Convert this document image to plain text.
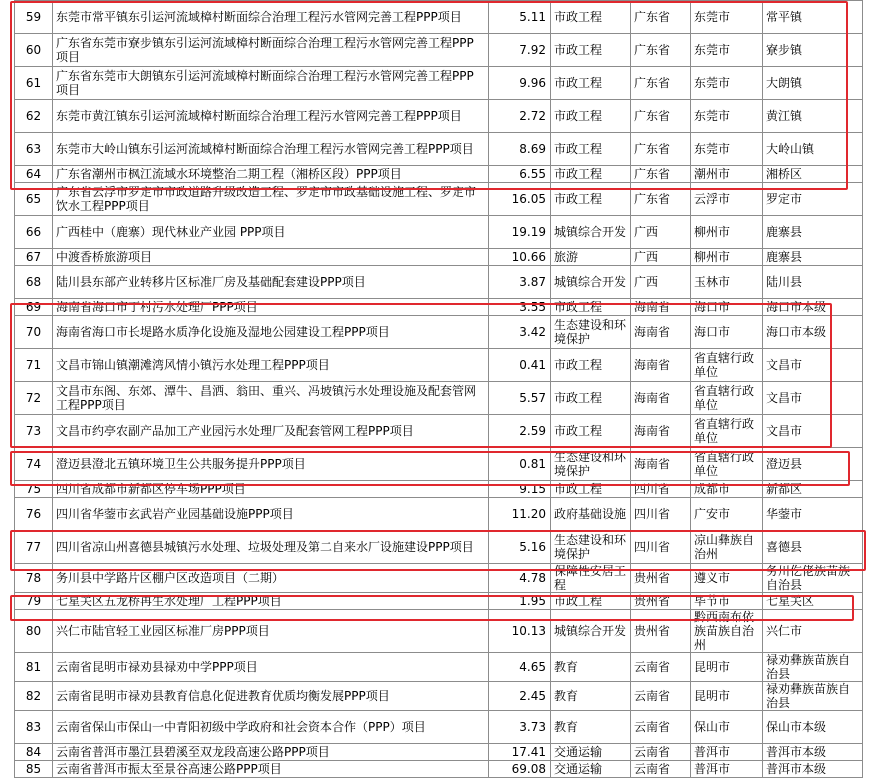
59	东莞市常平镇东引运河流域樟村断面综合治理工程污水管网完善工程PPP项目	5.11	市政工程	广东省	东莞市	常平镇
60	广东省东莞市寮步镇东引运河流域樟村断面综合治理工程污水管网完善工程PPP项目	7.92	市政工程	广东省	东莞市	寮步镇
61	广东省东莞市大朗镇东引运河流域樟村断面综合治理工程污水管网完善工程PPP项目	9.96	市政工程	广东省	东莞市	大朗镇
62	东莞市黄江镇东引运河流域樟村断面综合治理工程污水管网完善工程PPP项目	2.72	市政工程	广东省	东莞市	黄江镇
63	东莞市大岭山镇东引运河流域樟村断面综合治理工程污水管网完善工程PPP项目	8.69	市政工程	广东省	东莞市	大岭山镇
64	广东省潮州市枫江流域水环境整治二期工程（湘桥区段）PPP项目	6.55	市政工程	广东省	潮州市	湘桥区
65	广东省云浮市罗定市市政道路升级改造工程、罗定市市政基础设施工程、罗定市饮水工程PPP项目	16.05	市政工程	广东省	云浮市	罗定市
66	广西桂中（鹿寨）现代林业产业园 PPP项目	19.19	城镇综合开发	广西	柳州市	鹿寨县
67	中渡香桥旅游项目	10.66	旅游	广西	柳州市	鹿寨县
68	陆川县东部产业转移片区标准厂房及基础配套建设PPP项目	3.87	城镇综合开发	广西	玉林市	陆川县
69	海南省海口市丁村污水处理厂PPP项目	3.55	市政工程	海南省	海口市	海口市本级
70	海南省海口市长堤路水质净化设施及湿地公园建设工程PPP项目	3.42	生态建设和环境保护	海南省	海口市	海口市本级
71	文昌市锦山镇潮滩湾风情小镇污水处理工程PPP项目	0.41	市政工程	海南省	省直辖行政单位	文昌市
72	文昌市东阁、东郊、潭牛、昌洒、翁田、重兴、冯坡镇污水处理设施及配套管网工程PPP项目	5.57	市政工程	海南省	省直辖行政单位	文昌市
73	文昌市约亭农副产品加工产业园污水处理厂及配套管网工程PPP项目	2.59	市政工程	海南省	省直辖行政单位	文昌市
74	澄迈县澄北五镇环境卫生公共服务提升PPP项目	0.81	生态建设和环境保护	海南省	省直辖行政单位	澄迈县
75	四川省成都市新都区停车场PPP项目	9.15	市政工程	四川省	成都市	新都区
76	四川省华蓥市玄武岩产业园基础设施PPP项目	11.20	政府基础设施	四川省	广安市	华蓥市
77	四川省凉山州喜德县城镇污水处理、垃圾处理及第二自来水厂设施建设PPP项目	5.16	生态建设和环境保护	四川省	凉山彝族自治州	喜德县
78	务川县中学路片区棚户区改造项目（二期）	4.78	保障性安居工程	贵州省	遵义市	务川仡佬族苗族自治县
79	七星关区五龙桥再生水处理厂工程PPP项目	1.95	市政工程	贵州省	毕节市	七星关区
80	兴仁市陆官轻工业园区标准厂房PPP项目	10.13	城镇综合开发	贵州省	黔西南布依族苗族自治州	兴仁市
81	云南省昆明市禄劝县禄劝中学PPP项目	4.65	教育	云南省	昆明市	禄劝彝族苗族自治县
82	云南省昆明市禄劝县教育信息化促进教育优质均衡发展PPP项目	2.45	教育	云南省	昆明市	禄劝彝族苗族自治县
83	云南省保山市保山一中青阳初级中学政府和社会资本合作（PPP）项目	3.73	教育	云南省	保山市	保山市本级
84	云南省普洱市墨江县碧溪至双龙段高速公路PPP项目	17.41	交通运输	云南省	普洱市	普洱市本级
85	云南省普洱市振太至景谷高速公路PPP项目	69.08	交通运输	云南省	普洱市	普洱市本级
